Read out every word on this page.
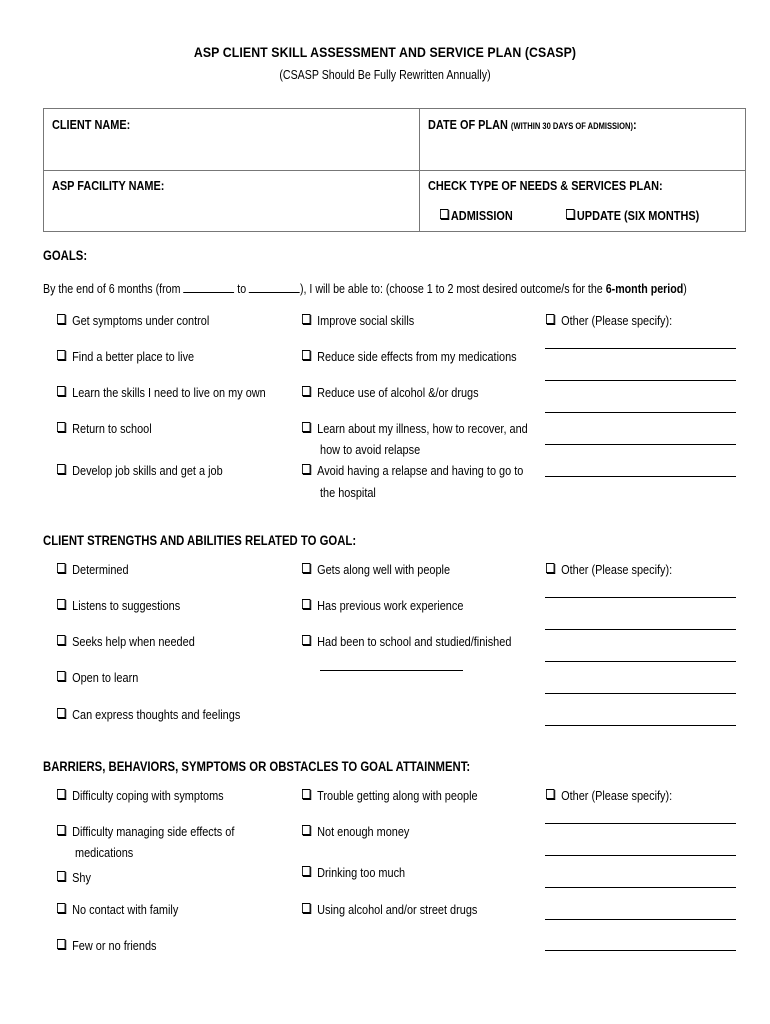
ASP CLIENT SKILL ASSESSMENT AND SERVICE PLAN (CSASP)
(CSASP Should Be Fully Rewritten Annually)
CLIENT NAME:	DATE OF PLAN (WITHIN 30 DAYS OF ADMISSION):
ASP FACILITY NAME:	CHECK TYPE OF NEEDS & SERVICES PLAN:
ADMISSION	UPDATE (SIX MONTHS)
GOALS:
By the end of 6 months (from	to	), I will be able to: (choose 1 to 2 most desired outcome/s for the 6-month period)
Get symptoms under control
Find a better place to live
Learn the skills I need to live on my own
Return to school
Develop job skills and get a job
Improve social skills
Reduce side effects from my medications
Reduce use of alcohol &/or drugs
Learn about my illness, how to recover, and
how to avoid relapse
Avoid having a relapse and having to go to
the hospital
Other (Please specify):
CLIENT STRENGTHS AND ABILITIES RELATED TO GOAL:
Determined
Listens to suggestions
Seeks help when needed
Open to learn
Can express thoughts and feelings
Gets along well with people
Has previous work experience
Had been to school and studied/finished
Other (Please specify):
BARRIERS, BEHAVIORS, SYMPTOMS OR OBSTACLES TO GOAL ATTAINMENT:
Difficulty coping with symptoms
Difficulty managing side effects of
medications
Shy
No contact with family
Few or no friends
Trouble getting along with people
Not enough money
Drinking too much
Using alcohol and/or street drugs
Other (Please specify):
